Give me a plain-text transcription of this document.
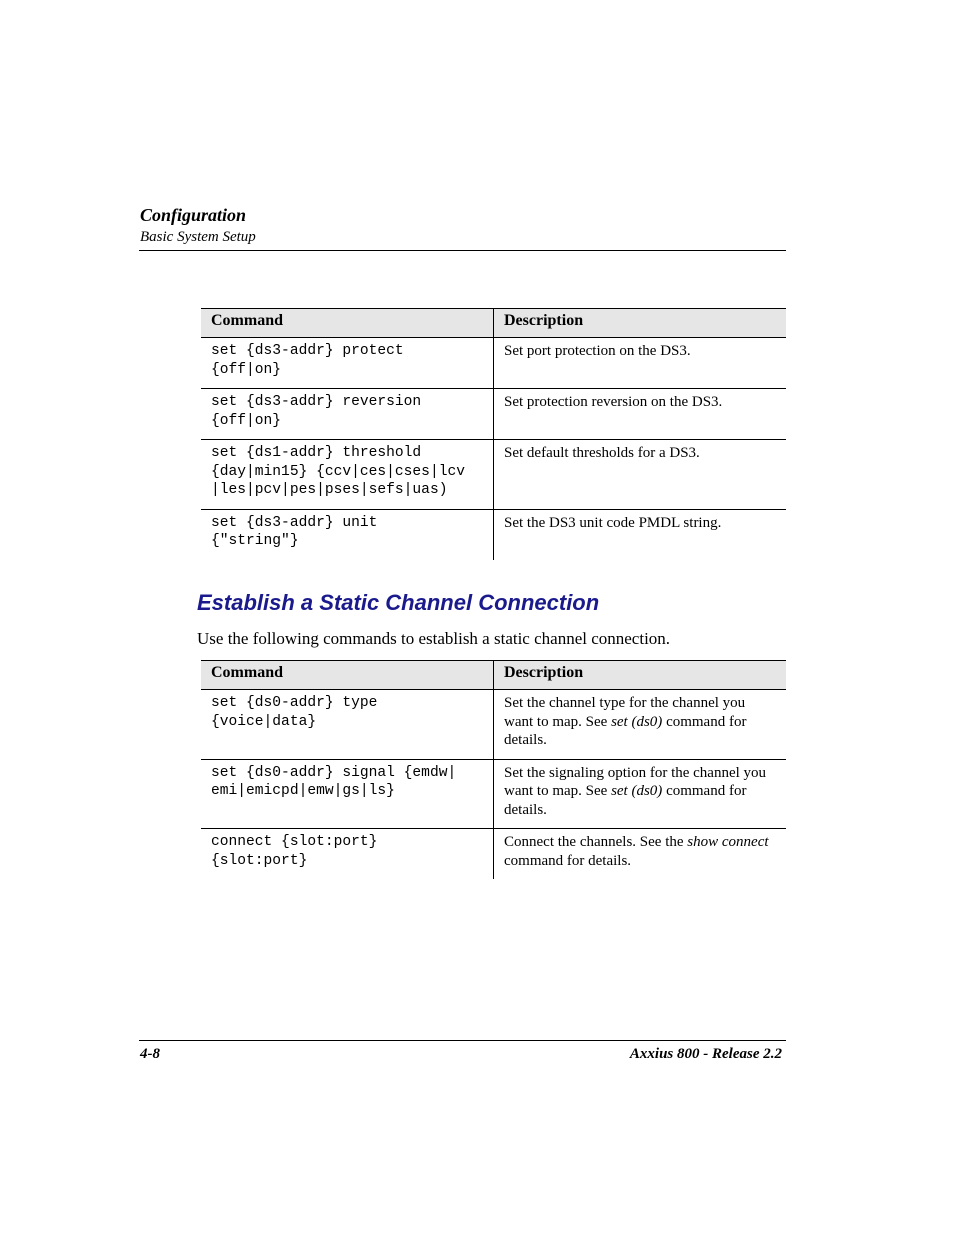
Configuration
Basic System Setup
Command	Description

set {ds3-addr} protect
{off|on}	Set port protection on the DS3.

set {ds3-addr} reversion
{off|on}	Set protection reversion on the DS3.

set {ds1-addr} threshold
{day|min15} {ccv|ces|cses|lcv
|les|pcv|pes|pses|sefs|uas)	Set default thresholds for a DS3.

set {ds3-addr} unit
{"string"}	Set the DS3 unit code PMDL string.
Establish a Static Channel Connection
Use the following commands to establish a static channel connection.
Command	Description

set {ds0-addr} type
{voice|data}	Set the channel type for the channel you want to map. See set (ds0) command for details.

set {ds0-addr} signal {emdw|
emi|emicpd|emw|gs|ls}	Set the signaling option for the channel you want to map. See set (ds0) command for details.

connect {slot:port}
{slot:port}	Connect the channels. See the show connect command for details.
4-8	Axxius 800 - Release 2.2
